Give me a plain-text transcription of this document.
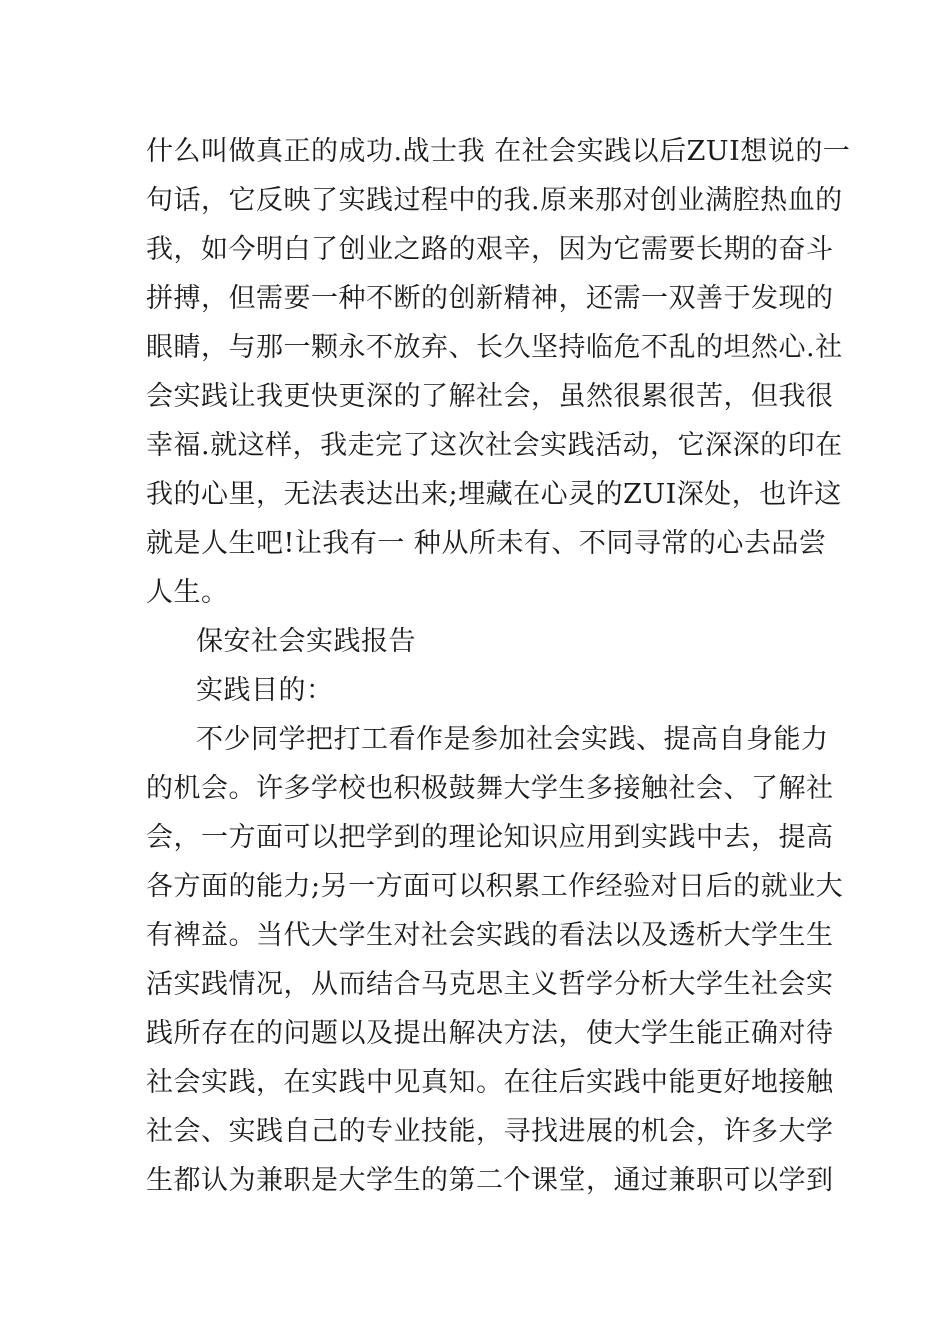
什么叫做真正的成功.战士我 在社会实践以后ZUI想说的一
句话，它反映了实践过程中的我.原来那对创业满腔热血的
我，如今明白了创业之路的艰辛，因为它需要长期的奋斗
拼搏，但需要一种不断的创新精神，还需一双善于发现的
眼睛，与那一颗永不放弃、长久坚持临危不乱的坦然心.社
会实践让我更快更深的了解社会，虽然很累很苦，但我很
幸福.就这样，我走完了这次社会实践活动，它深深的印在
我的心里，无法表达出来;埋藏在心灵的ZUI深处，也许这
就是人生吧!让我有一 种从所未有、不同寻常的心去品尝
人生。
保安社会实践报告
实践目的：
不少同学把打工看作是参加社会实践、提高自身能力
的机会。许多学校也积极鼓舞大学生多接触社会、了解社
会，一方面可以把学到的理论知识应用到实践中去，提高
各方面的能力;另一方面可以积累工作经验对日后的就业大
有裨益。当代大学生对社会实践的看法以及透析大学生生
活实践情况，从而结合马克思主义哲学分析大学生社会实
践所存在的问题以及提出解决方法，使大学生能正确对待
社会实践，在实践中见真知。在往后实践中能更好地接触
社会、实践自己的专业技能，寻找进展的机会，许多大学
生都认为兼职是大学生的第二个课堂，通过兼职可以学到
